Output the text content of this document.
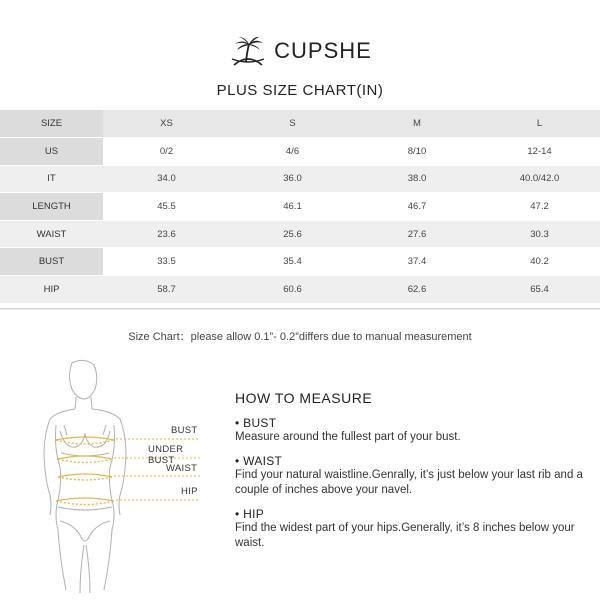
CUPSHE
PLUS SIZE CHART(IN)
SIZE	XS	S	M	L
US	0/2	4/6	8/10	12-14
IT	34.0	36.0	38.0	40.0/42.0
LENGTH	45.5	46.1	46.7	47.2
WAIST	23.6	25.6	27.6	30.3
BUST	33.5	35.4	37.4	40.2
HIP	58.7	60.6	62.6	65.4
Size Chart：please allow 0.1”- 0.2”differs due to manual measurement
BUST
UNDER BUST
WAIST
HIP
HOW TO MEASURE
• BUST
Measure around the fullest part of your bust.
• WAIST
Find your natural waistline.Genrally, it’s just below your last rib and a couple of inches above your navel.
• HIP
Find the widest part of your hips.Generally, it’s 8 inches below your waist.
